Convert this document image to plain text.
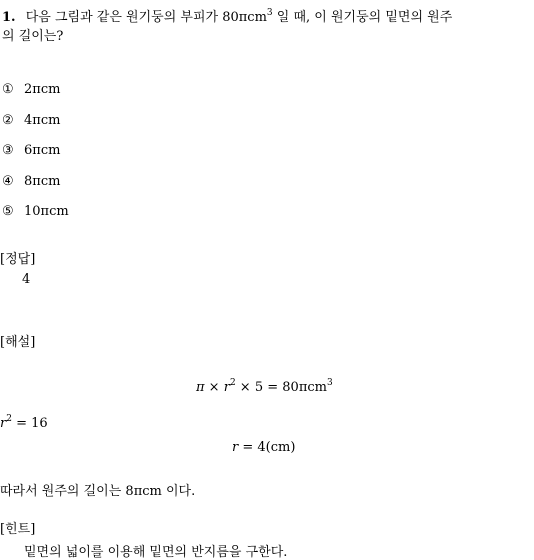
1. 다음 그림과 같은 원기둥의 부피가 80πcm$^3$ 일 때, 이 원기둥의 밑면의 원주
의 길이는?
① 2πcm
② 4πcm
③ 6πcm
④ 8πcm
⑤ 10πcm
[정답]
4
[해설]
$\pi \times r^2 \times 5 = 80\pi cm^3$
$r^2 = 16$
r = 4(cm)
따라서 원주의 길이는 8πcm 이다.
[힌트]
밑면의 넓이를 이용해 밑면의 반지름을 구한다.
